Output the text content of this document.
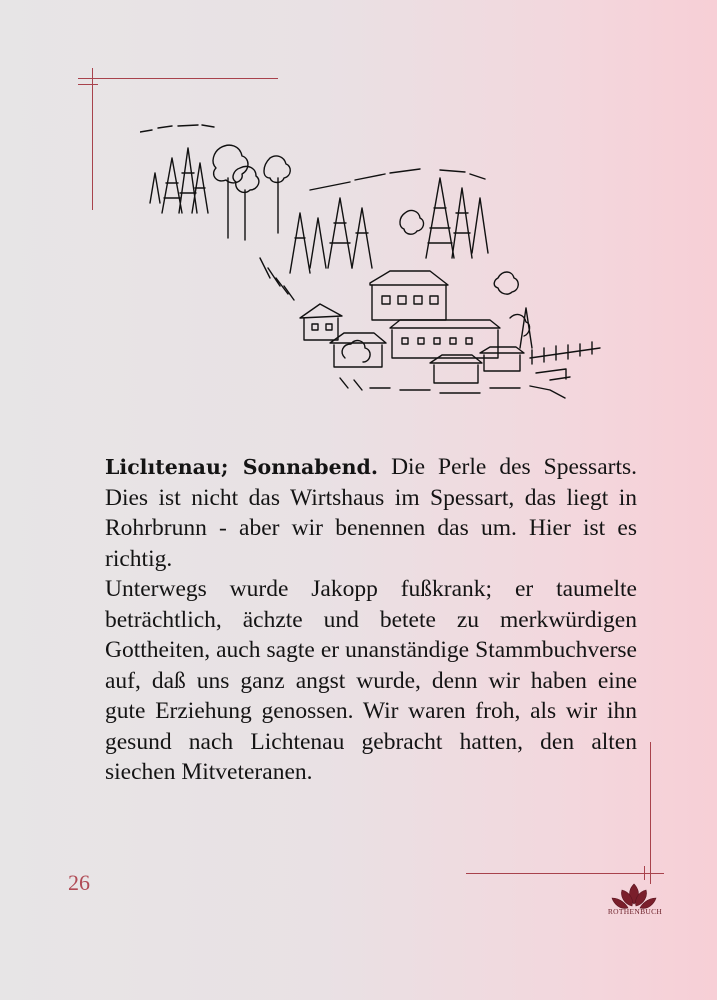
Liclıtenau; Sonnabend. Die Perle des Spessarts. Dies ist nicht das Wirtshaus im Spessart, das liegt in Rohrbrunn - aber wir benennen das um. Hier ist es richtig.

Unterwegs wurde Jakopp fußkrank; er taumelte beträchtlich, ächzte und betete zu merkwürdigen Gottheiten, auch sagte er unanständige Stammbuchverse auf, daß uns ganz angst wurde, denn wir haben eine gute Erziehung genossen. Wir waren froh, als wir ihn gesund nach Lichtenau gebracht hatten, den alten siechen Mitveteranen.

26
ROTHENBUCH
